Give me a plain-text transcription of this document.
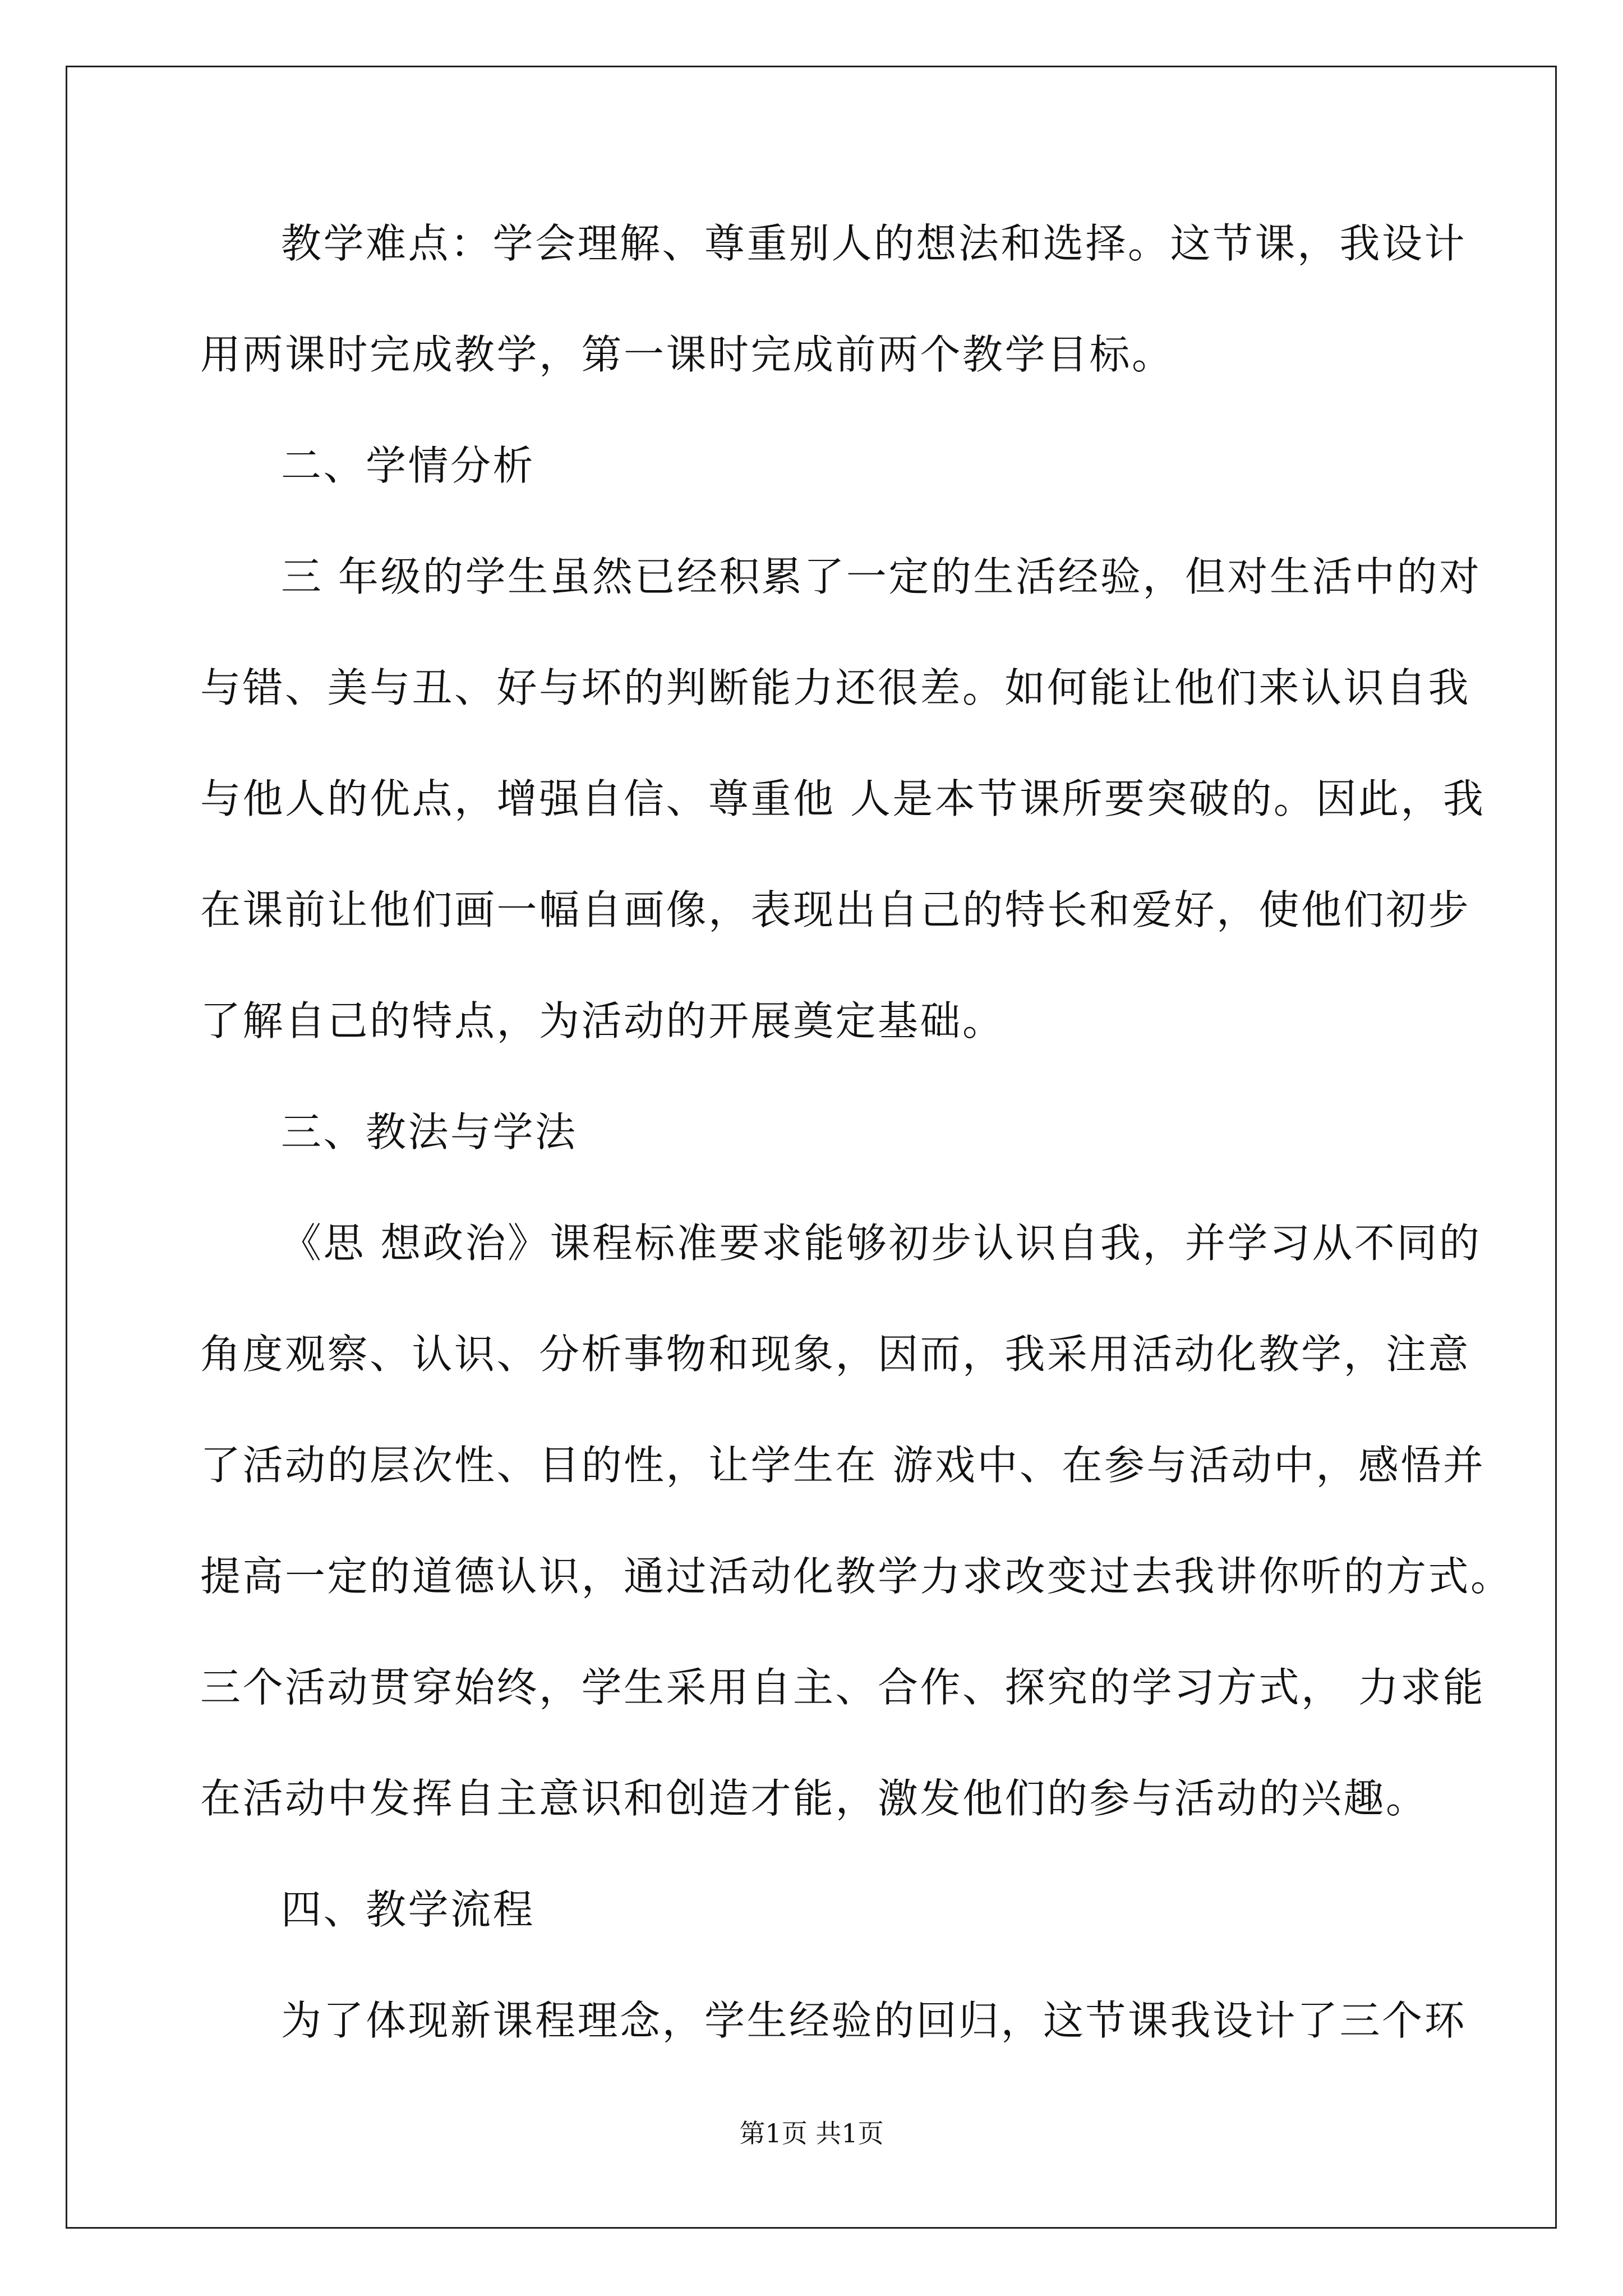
教学难点：学会理解、尊重别人的想法和选择。这节课，我设计
用两课时完成教学，第一课时完成前两个教学目标。
二、学情分析
三 年级的学生虽然已经积累了一定的生活经验，但对生活中的对
与错、美与丑、好与坏的判断能力还很差。如何能让他们来认识自我
与他人的优点，增强自信、尊重他 人是本节课所要突破的。因此，我
在课前让他们画一幅自画像，表现出自己的特长和爱好，使他们初步
了解自己的特点，为活动的开展奠定基础。
三、教法与学法
《思 想政治》课程标准要求能够初步认识自我，并学习从不同的
角度观察、认识、分析事物和现象，因而，我采用活动化教学，注意
了活动的层次性、目的性，让学生在 游戏中、在参与活动中，感悟并
提高一定的道德认识，通过活动化教学力求改变过去我讲你听的方式。
三个活动贯穿始终，学生采用自主、合作、探究的学习方式， 力求能
在活动中发挥自主意识和创造才能，激发他们的参与活动的兴趣。
四、教学流程
为了体现新课程理念，学生经验的回归，这节课我设计了三个环
第1页 共1页
